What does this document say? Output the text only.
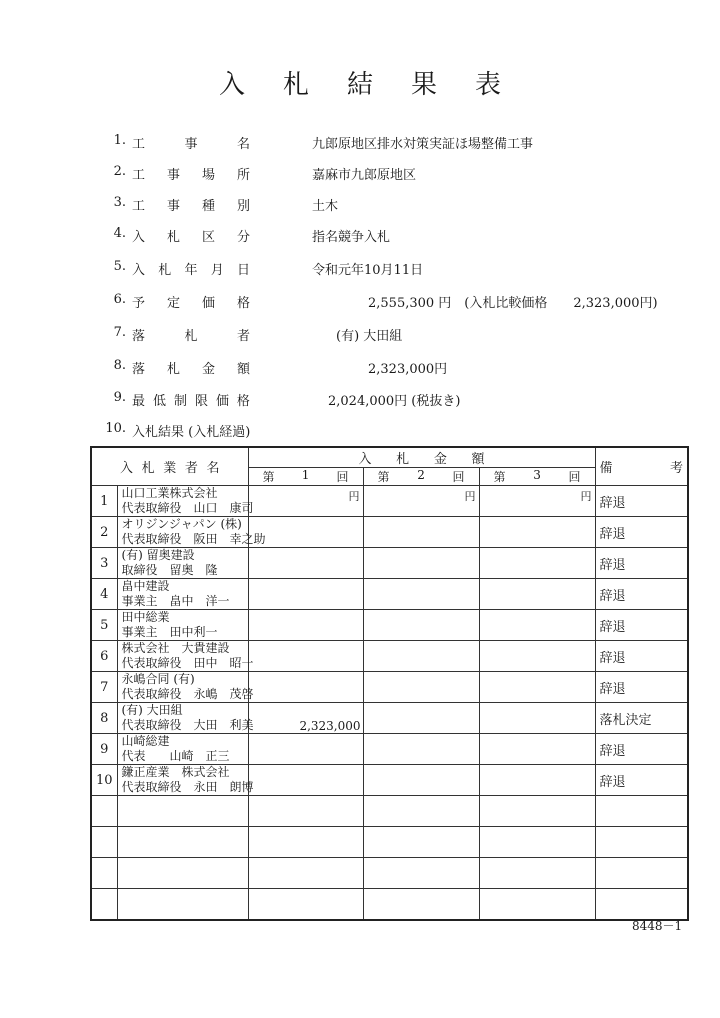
入札結果表
1. 工	事	名	九郎原地区排水対策実証ほ場整備工事
2. 工 事 場 所	嘉麻市九郎原地区
3. 工 事 種 別	土木
4. 入 札 区 分	指名競争入札
5. 入 札 年 月 日	令和元年10月11日
6. 予 定 価 格	2,555,300 円　(入札比較価格　　2,323,000円)
7. 落	札	者	(有) 大田組
8. 落 札 金 額	2,323,000円
9. 最 低 制 限 価 格	2,024,000円 (税抜き)
10. 入札結果 (入札経過)
入 札 業 者 名		入 札 金 額			備 考

		第 1 回	第 2 回	第 3 回	

1	山口工業株式会社
代表取締役　山口　康司	円	円	円	辞退
2	オリジンジャパン (株)
代表取締役　阪田　幸之助				辞退
3	(有) 留奥建設
取締役　留奥　隆				辞退
4	畠中建設
事業主　畠中　洋一				辞退
5	田中総業
事業主　田中利一				辞退
6	株式会社　大貴建設
代表取締役　田中　昭一				辞退
7	永嶋合同 (有)
代表取締役　永嶋　茂啓				辞退
8	(有) 大田組
代表取締役　大田　利美	2,323,000			落札決定
9	山崎総建
代表　　山崎　正三				辞退
10	鎌正産業　株式会社
代表取締役　永田　朗博				辞退

8448－1
